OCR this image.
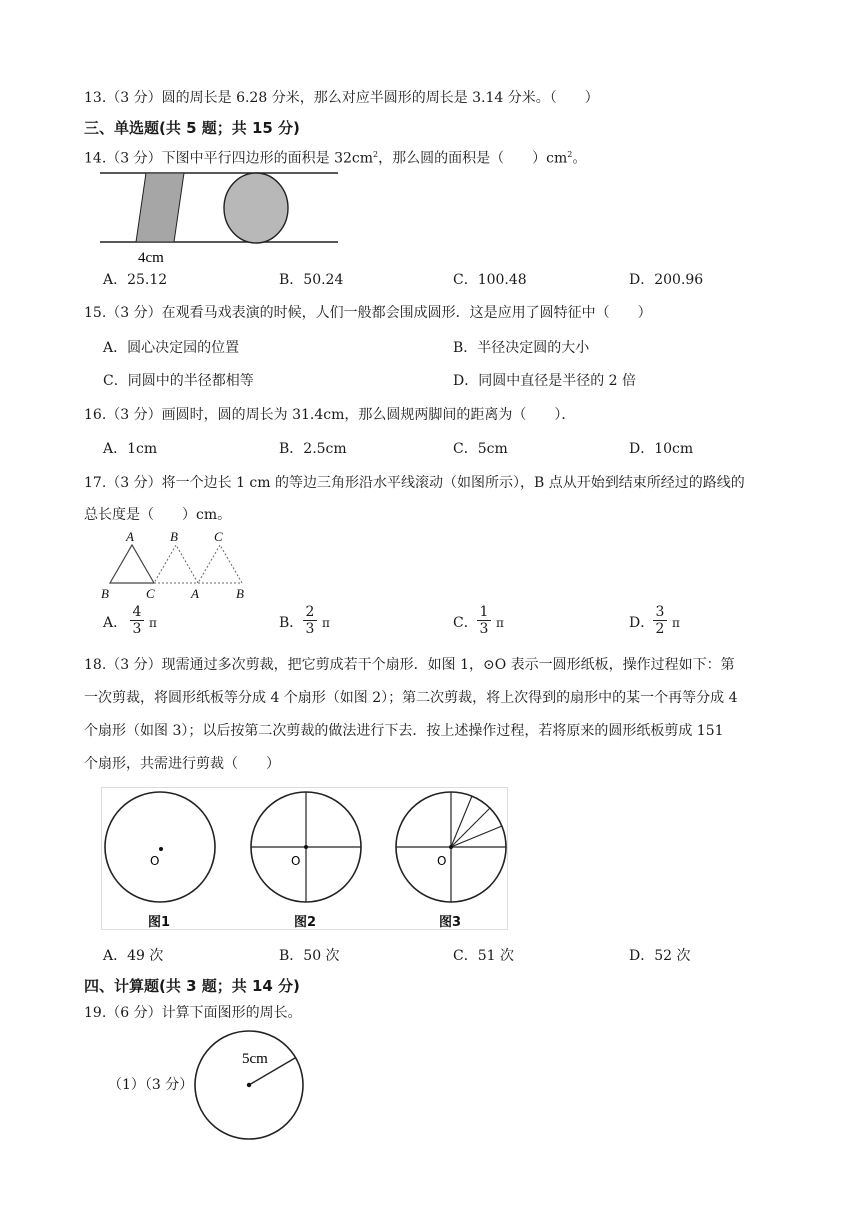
13.（3 分）圆的周长是 6.28 分米，那么对应半圆形的周长是 3.14 分米。（　　）
三、单选题(共 5 题；共 15 分)
14.（3 分）下图中平行四边形的面积是 $32cm^2$，那么圆的面积是（　　）$cm^2$。
4cm
A．25.12	B．50.24	C．100.48	D．200.96
15.（3 分）在观看马戏表演的时候，人们一般都会围成圆形．这是应用了圆特征中（　　）
A．圆心决定园的位置	B．半径决定圆的大小
C．同圆中的半径都相等	D．同圆中直径是半径的 2 倍
16.（3 分）画圆时，圆的周长为 31.4cm，那么圆规两脚间的距离为（　　）．
A．1cm	B．2.5cm	C．5cm	D．10cm
17.（3 分）将一个边长 1 cm 的等边三角形沿水平线滚动（如图所示），B 点从开始到结束所经过的路线的
总长度是（　　）cm。
A	B	C
B	C	A	B
A． $\frac{4}{3}$ π	B． $\frac{2}{3}$ π	C． $\frac{1}{3}$ π	D．
$\frac{3}{2}$ π
18.（3 分）现需通过多次剪裁，把它剪成若干个扇形．如图 1，⊙O 表示一圆形纸板，操作过程如下：第
一次剪裁，将圆形纸板等分成 4 个扇形（如图 2）；第二次剪裁，将上次得到的扇形中的某一个再等分成 4
个扇形（如图 3）；以后按第二次剪裁的做法进行下去．按上述操作过程，若将原来的圆形纸板剪成 151
个扇形，共需进行剪裁（　　）
O	O	O
图1	图2	图3
A．49 次	B．50 次	C．51 次	D．52 次
四、计算题(共 3 题；共 14 分)
19.（6 分）计算下面图形的周长。
（1）（3 分）
5cm
